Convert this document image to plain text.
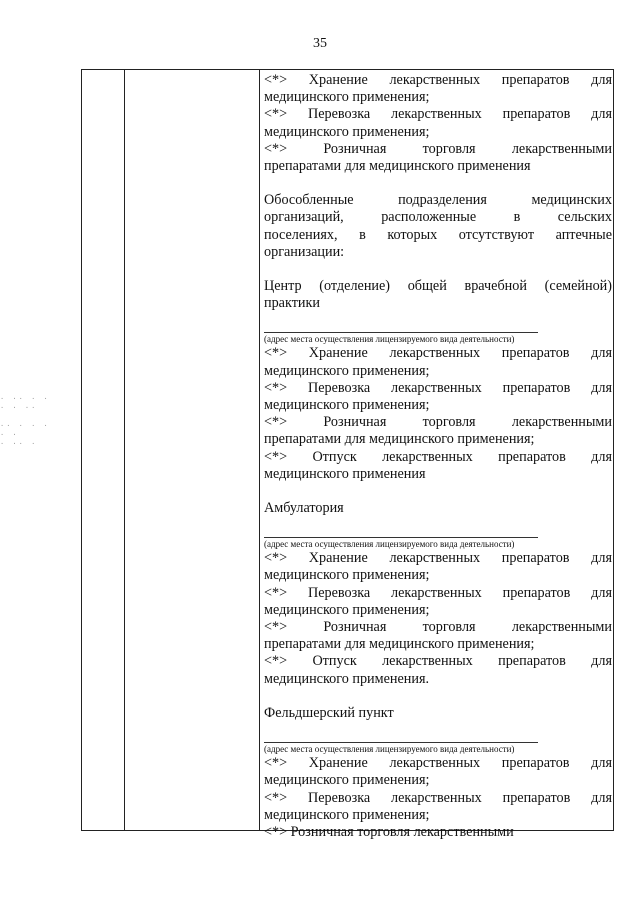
35
· ·· · ·
· · ··

·· · · ·
· ·
· ·· ·
<*> Хранение лекарственных препаратов для
медицинского применения;
<*> Перевозка лекарственных препаратов для
медицинского применения;
<*> Розничная торговля лекарственными
препаратами для медицинского применения
Обособленные подразделения медицинских
организаций, расположенные в сельских
поселениях, в которых отсутствуют аптечные
организации:
Центр (отделение) общей врачебной (семейной)
практики
(адрес места осуществления лицензируемого вида деятельности)
<*> Хранение лекарственных препаратов для
медицинского применения;
<*> Перевозка лекарственных препаратов для
медицинского применения;
<*> Розничная торговля лекарственными
препаратами для медицинского применения;
<*> Отпуск лекарственных препаратов для
медицинского применения
Амбулатория
(адрес места осуществления лицензируемого вида деятельности)
<*> Хранение лекарственных препаратов для
медицинского применения;
<*> Перевозка лекарственных препаратов для
медицинского применения;
<*> Розничная торговля лекарственными
препаратами для медицинского применения;
<*> Отпуск лекарственных препаратов для
медицинского применения.
Фельдшерский пункт
(адрес места осуществления лицензируемого вида деятельности)
<*> Хранение лекарственных препаратов для
медицинского применения;
<*> Перевозка лекарственных препаратов для
медицинского применения;
<*> Розничная торговля лекарственными
